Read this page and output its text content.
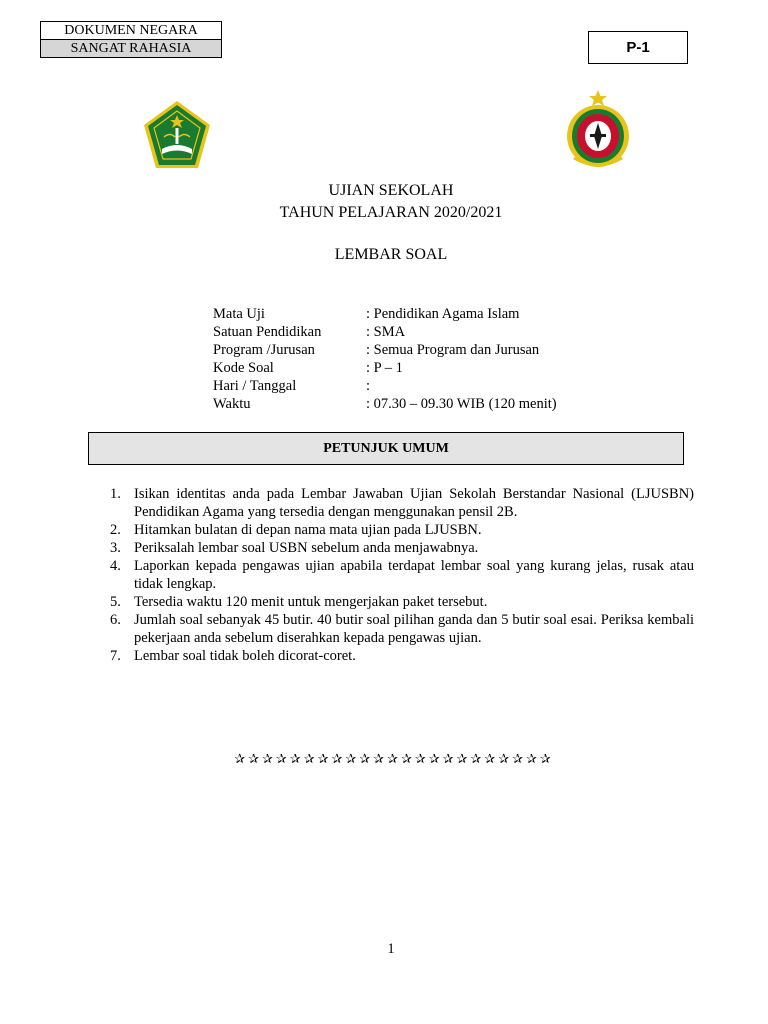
DOKUMEN NEGARA
SANGAT RAHASIA	P-1
UJIAN SEKOLAH
TAHUN PELAJARAN 2020/2021
LEMBAR SOAL
Mata Uji	: Pendidikan Agama Islam
Satuan Pendidikan	: SMA
Program /Jurusan	: Semua Program dan Jurusan
Kode Soal	: P – 1
Hari / Tanggal	:
Waktu	: 07.30 – 09.30 WIB (120 menit)
PETUNJUK UMUM
1. Isikan identitas anda pada Lembar Jawaban Ujian Sekolah Berstandar Nasional (LJUSBN) Pendidikan Agama yang tersedia dengan menggunakan pensil 2B.
2. Hitamkan bulatan di depan nama mata ujian pada LJUSBN.
3. Periksalah lembar soal USBN sebelum anda menjawabnya.
4. Laporkan kepada pengawas ujian apabila terdapat lembar soal yang kurang jelas, rusak atau tidak lengkap.
5. Tersedia waktu 120 menit untuk mengerjakan paket tersebut.
6. Jumlah soal sebanyak 45 butir. 40 butir soal pilihan ganda dan 5 butir soal esai. Periksa kembali pekerjaan anda sebelum diserahkan kepada pengawas ujian.
7. Lembar soal tidak boleh dicorat-coret.
✰✰✰✰✰✰✰✰✰✰✰✰✰✰✰✰✰✰✰✰✰✰✰
1
